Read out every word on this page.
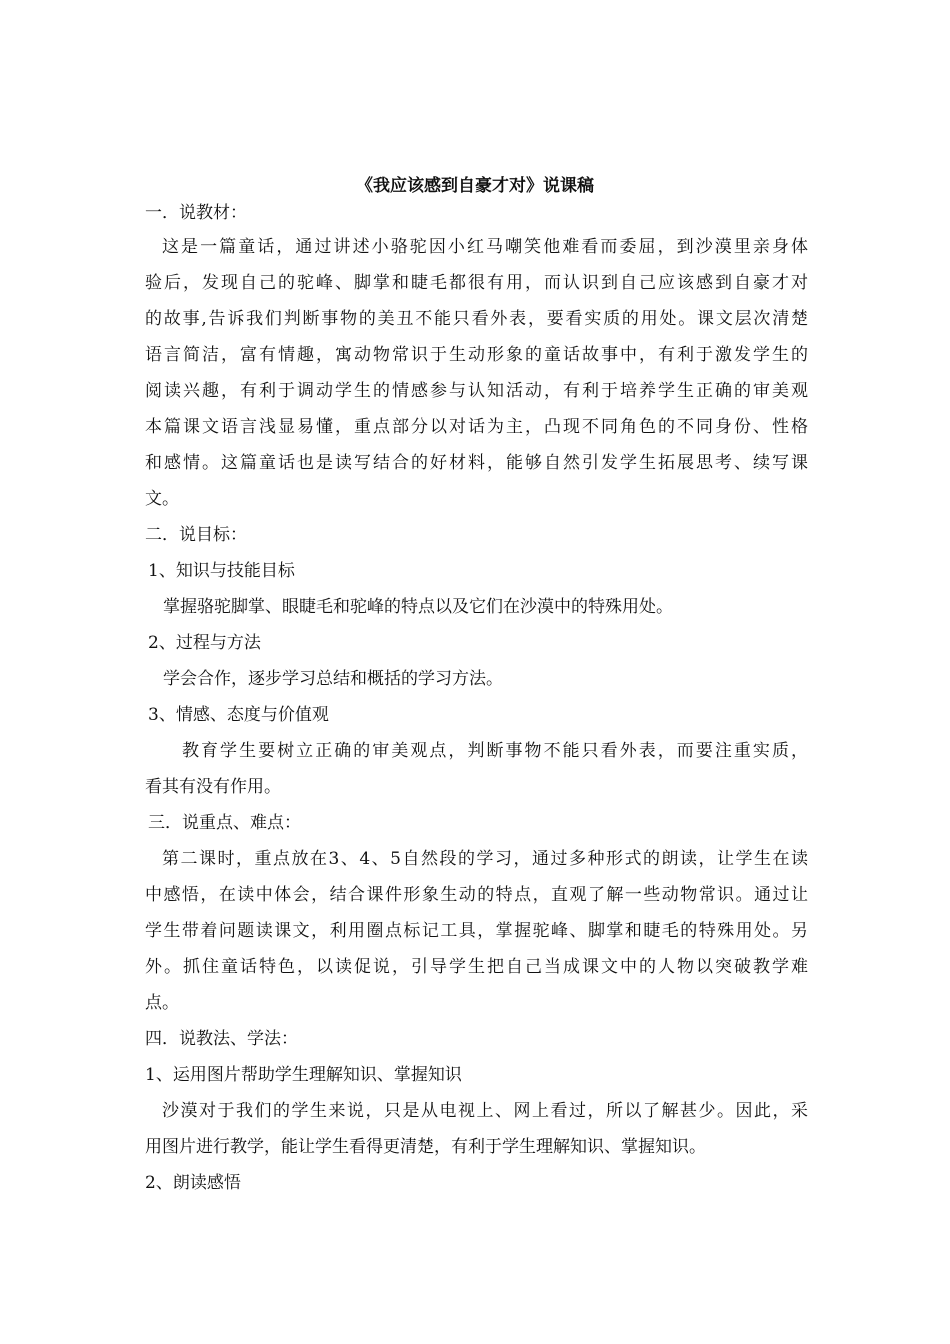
《我应该感到自豪才对》说课稿
一．说教材：
这是一篇童话，通过讲述小骆驼因小红马嘲笑他难看而委屈，到沙漠里亲身体
验后，发现自己的驼峰、脚掌和睫毛都很有用，而认识到自己应该感到自豪才对
的故事,告诉我们判断事物的美丑不能只看外表，要看实质的用处。课文层次清楚
语言简洁，富有情趣，寓动物常识于生动形象的童话故事中，有利于激发学生的
阅读兴趣，有利于调动学生的情感参与认知活动，有利于培养学生正确的审美观
本篇课文语言浅显易懂，重点部分以对话为主，凸现不同角色的不同身份、性格
和感情。这篇童话也是读写结合的好材料，能够自然引发学生拓展思考、续写课
文。
二．说目标：
1、知识与技能目标
掌握骆驼脚掌、眼睫毛和驼峰的特点以及它们在沙漠中的特殊用处。
2、过程与方法
学会合作，逐步学习总结和概括的学习方法。
3、情感、态度与价值观
教育学生要树立正确的审美观点，判断事物不能只看外表，而要注重实质，
看其有没有作用。
三．说重点、难点：
第二课时，重点放在3、4、5自然段的学习，通过多种形式的朗读，让学生在读
中感悟，在读中体会，结合课件形象生动的特点，直观了解一些动物常识。通过让
学生带着问题读课文，利用圈点标记工具，掌握驼峰、脚掌和睫毛的特殊用处。另
外。抓住童话特色，以读促说，引导学生把自己当成课文中的人物以突破教学难
点。
四．说教法、学法：
1、运用图片帮助学生理解知识、掌握知识
沙漠对于我们的学生来说，只是从电视上、网上看过，所以了解甚少。因此，采
用图片进行教学，能让学生看得更清楚，有利于学生理解知识、掌握知识。
2、朗读感悟
